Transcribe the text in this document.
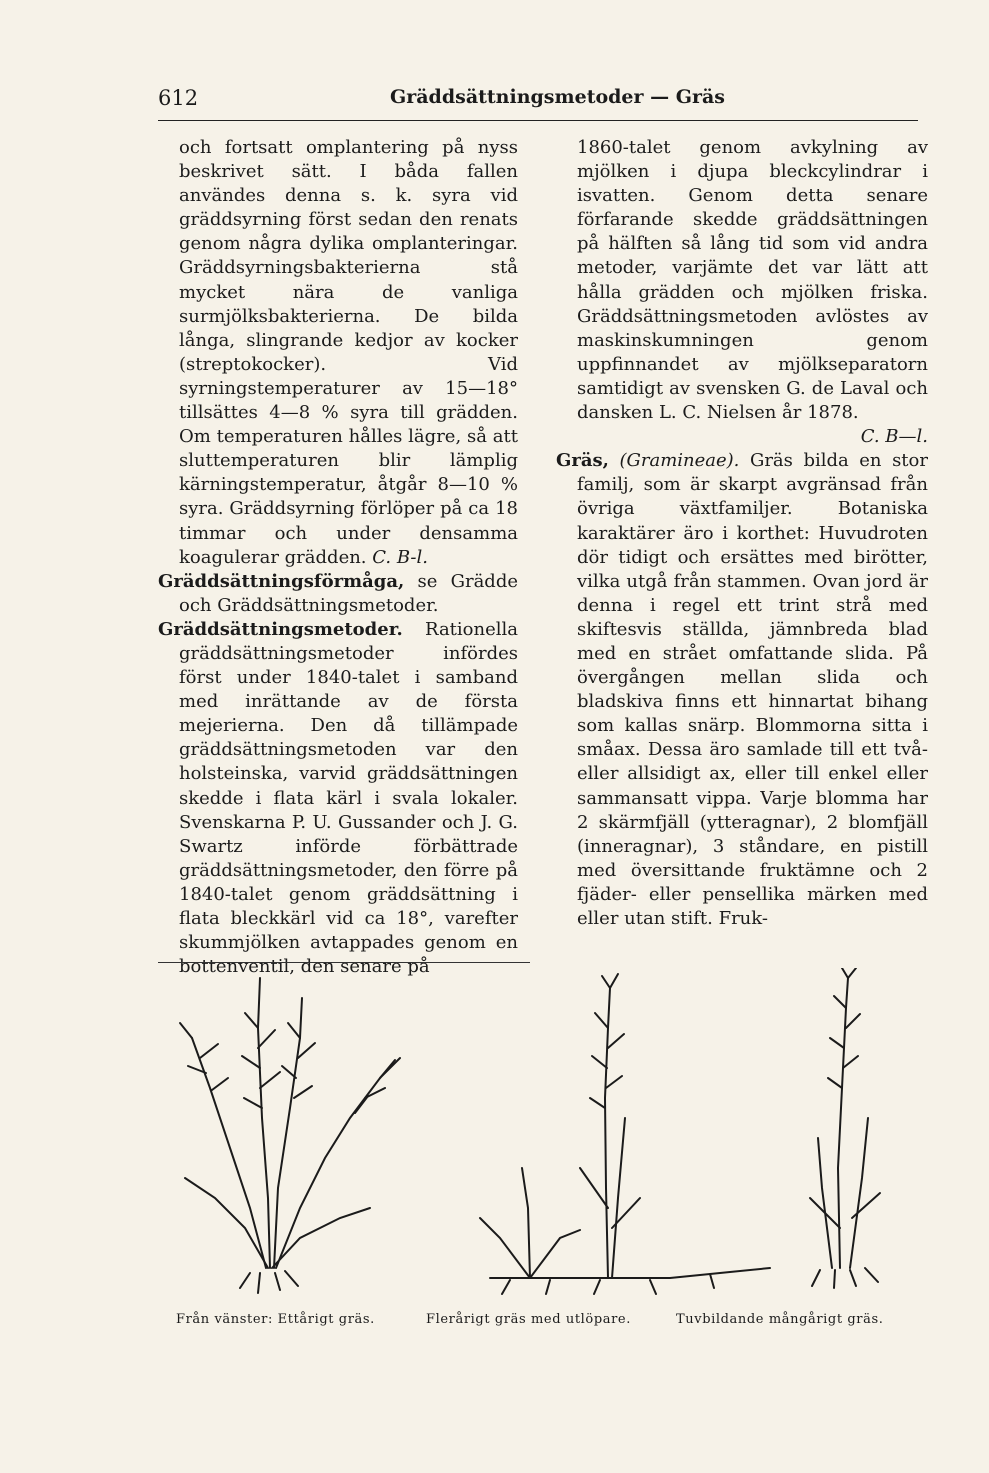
612	Gräddsättningsmetoder — Gräs

och fortsatt omplantering på nyss beskrivet sätt. I båda fallen användes denna s. k. syra vid gräddsyrning först sedan den renats genom några dylika omplanteringar. Gräddsyrningsbakterierna stå mycket nära de vanliga surmjölksbakterierna. De bilda långa, slingrande kedjor av kocker (streptokocker). Vid syrningstemperaturer av 15—18° tillsättes 4—8 % syra till grädden. Om temperaturen hålles lägre, så att sluttemperaturen blir lämplig kärningstemperatur, åtgår 8—10 % syra. Gräddsyrning förlöper på ca 18 timmar och under densamma koagulerar grädden. C. B-l.

Gräddsättningsförmåga, se Grädde och Gräddsättningsmetoder.

Gräddsättningsmetoder. Rationella gräddsättningsmetoder infördes först under 1840-talet i samband med inrättande av de första mejerierna. Den då tillämpade gräddsättningsmetoden var den holsteinska, varvid gräddsättningen skedde i flata kärl i svala lokaler. Svenskarna P. U. Gussander och J. G. Swartz införde förbättrade gräddsättningsmetoder, den förre på 1840-talet genom gräddsättning i flata bleckkärl vid ca 18°, varefter skummjölken avtappades genom en bottenventil, den senare på

1860-talet genom avkylning av mjölken i djupa bleckcylindrar i isvatten. Genom detta senare förfarande skedde gräddsättningen på hälften så lång tid som vid andra metoder, varjämte det var lätt att hålla grädden och mjölken friska. Gräddsättningsmetoden avlöstes av maskinskumningen genom uppfinnandet av mjölkseparatorn samtidigt av svensken G. de Laval och dansken L. C. Nielsen år 1878.

C. B—l.

Gräs, (Gramineae). Gräs bilda en stor familj, som är skarpt avgränsad från övriga växtfamiljer. Botaniska karaktärer äro i korthet: Huvudroten dör tidigt och ersättes med birötter, vilka utgå från stammen. Ovan jord är denna i regel ett trint strå med skiftesvis ställda, jämnbreda blad med en strået omfattande slida. På övergången mellan slida och bladskiva finns ett hinnartat bihang som kallas snärp. Blommorna sitta i småax. Dessa äro samlade till ett två- eller allsidigt ax, eller till enkel eller sammansatt vippa. Varje blomma har 2 skärmfjäll (ytteragnar), 2 blomfjäll (inneragnar), 3 ståndare, en pistill med översittande fruktämne och 2 fjäder- eller pensellika märken med eller utan stift. Fruk-

Från vänster: Ettårigt gräs.	Flerårigt gräs med utlöpare.	Tuvbildande mångårigt gräs.
